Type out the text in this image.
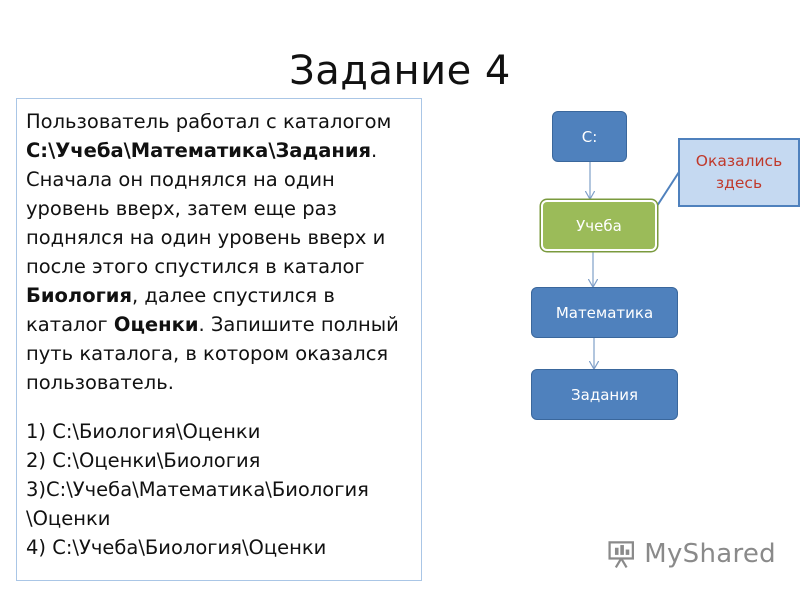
Задание 4

Пользователь работал с каталогом
C:\Учеба\Математика\Задания. Сначала он поднялся на один уровень вверх, затем еще раз поднялся на один уровень вверх и после этого спустился в каталог Биология, далее спустился в каталог Оценки. Запишите полный путь каталога, в котором оказался пользователь.

1) C:\Биология\Оценки
2) C:\Оценки\Биология
3)C:\Учеба\Математика\Биология \Оценки
4) C:\Учеба\Биология\Оценки
C:
Учеба
Математика
Задания
Оказались здесь
MyShared
